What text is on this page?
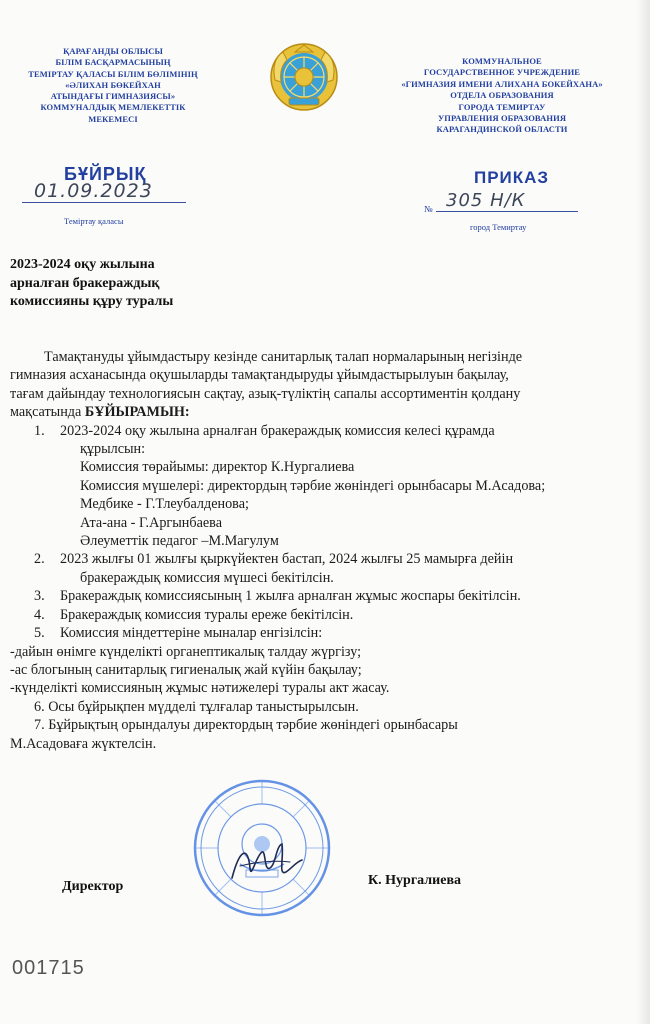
ҚАРАҒАНДЫ ОБЛЫСЫ
БІЛІМ БАСҚАРМАСЫНЫҢ
ТЕМІРТАУ ҚАЛАСЫ БІЛІМ БӨЛІМІНІҢ
«ӘЛИХАН БӨКЕЙХАН
АТЫНДАҒЫ ГИМНАЗИЯСЫ»
КОММУНАЛДЫҚ МЕМЛЕКЕТТІК
МЕКЕМЕСІ
КОММУНАЛЬНОЕ
ГОСУДАРСТВЕННОЕ УЧРЕЖДЕНИЕ
«ГИМНАЗИЯ ИМЕНИ АЛИХАНА БОКЕЙХАНА»
ОТДЕЛА ОБРАЗОВАНИЯ
ГОРОДА ТЕМИРТАУ
УПРАВЛЕНИЯ ОБРАЗОВАНИЯ
КАРАГАНДИНСКОЙ ОБЛАСТИ
БҰЙРЫҚ
01.09.2023
Теміртау қаласы
ПРИКАЗ
№ 305 Н/К
город Темиртау
2023-2024 оқу жылына
арналған бракераждық
комиссияны құру туралы
Тамақтануды ұйымдастыру кезінде санитарлық талап нормаларының негізінде
гимназия асханасында оқушыларды тамақтандыруды ұйымдастырылуын бақылау,
тағам дайындау технологиясын сақтау, азық-түліктің сапалы ассортиментін қолдану
мақсатында БҰЙЫРАМЫН:
1. 2023-2024 оқу жылына арналған бракераждық комиссия келесі құрамда
құрылсын:
Комиссия төрайымы: директор К.Нургалиева
Комиссия мүшелері: директордың тәрбие жөніндегі орынбасары М.Асадова;
Медбике - Г.Тлеубалденова;
Ата-ана - Г.Аргынбаева
Әлеуметтік педагог –М.Магулум
2. 2023 жылғы 01 жылғы қыркүйектен бастап, 2024 жылғы 25 мамырға дейін
бракераждық комиссия мүшесі бекітілсін.
3. Бракераждық комиссиясының 1 жылға арналған жұмыс жоспары бекітілсін.
4. Бракераждық комиссия туралы ереже бекітілсін.
5. Комиссия міндеттеріне мыналар енгізілсін:
-дайын өнімге күнделікті органептикалық талдау жүргізу;
-ас блогының санитарлық гигиеналық жай күйін бақылау;
-күнделікті комиссияның жұмыс нәтижелері туралы акт жасау.
6. Осы бұйрықпен мүдделі тұлғалар таныстырылсын.
7. Бұйрықтың орындалуы директордың тәрбие жөніндегі орынбасары
М.Асадоваға жүктелсін.
Директор	К. Нургалиева
001715
